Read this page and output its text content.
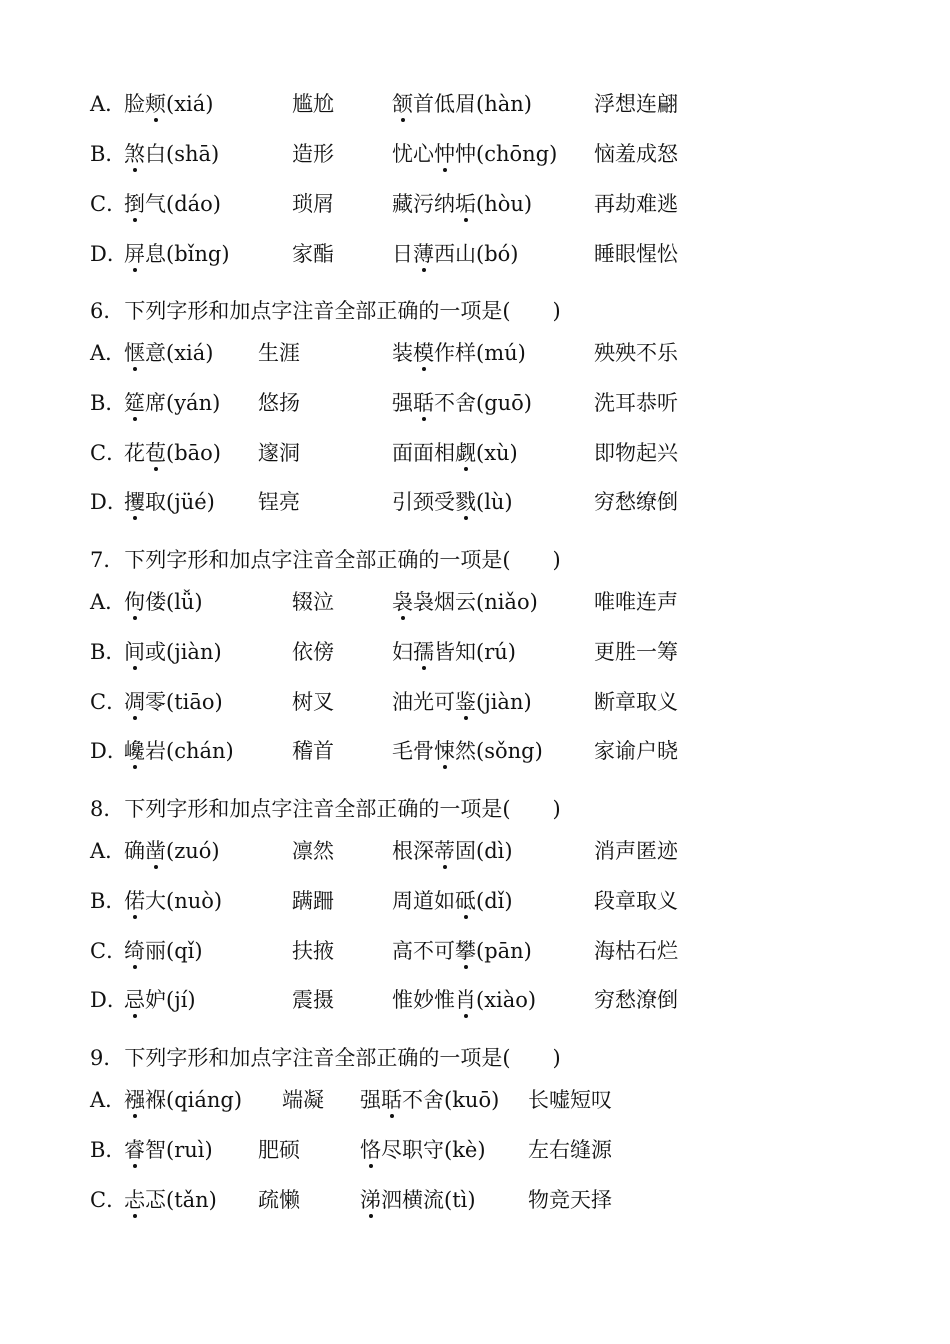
A．
脸颊(xiá)	尴尬	颔首低眉(hàn)	浮想连翩
B．
煞白(shā)	造形	忧心忡忡(chōng) 恼羞成怒
C．
捯气(dáo)	琐屑	藏污纳垢(hòu)	再劫难逃
D．
屏息(bǐng)	家酯	日薄西山(bó)	睡眼惺忪
6．下列字形和加点字注音全部正确的一项是(　　)
A．
惬意(xiá) 生涯	装模作样(mú)	殃殃不乐
B．
筵席(yán) 悠扬	强聒不舍(guō)	洗耳恭听
C．
花苞(bāo) 邃洞	面面相觑(xù)	即物起兴
D．
攫取(jüé) 锃亮	引颈受戮(lù)	穷愁缭倒
7．下列字形和加点字注音全部正确的一项是(　　)
A．
佝偻(lǚ)	辍泣	袅袅烟云(niǎo)	唯唯连声
B．
间或(jiàn)	依傍	妇孺皆知(rú)	更胜一筹
C．
凋零(tiāo)	树叉	油光可鉴(jiàn)	断章取义
D．
巉岩(chán)	稽首	毛骨悚然(sǒng) 家谕户晓
8．下列字形和加点字注音全部正确的一项是(　　)
A．
确凿(zuó)	凛然	根深蒂固(dì)	消声匿迹
B．
偌大(nuò)	蹒跚	周道如砥(dǐ)	段章取义
C．
绮丽(qǐ)	扶掖	高不可攀(pān)	海枯石烂
D．
忌妒(jí)	震摄	惟妙惟肖(xiào)	穷愁潦倒
9．下列字形和加点字注音全部正确的一项是(　　)
A．
襁褓(qiáng) 端凝 强聒不舍(kuō) 长嘘短叹
B．
睿智(ruì) 肥硕	恪尽职守(kè) 左右缝源
C．
忐忑(tǎn) 疏懒	涕泗横流(tì) 物竞天择
